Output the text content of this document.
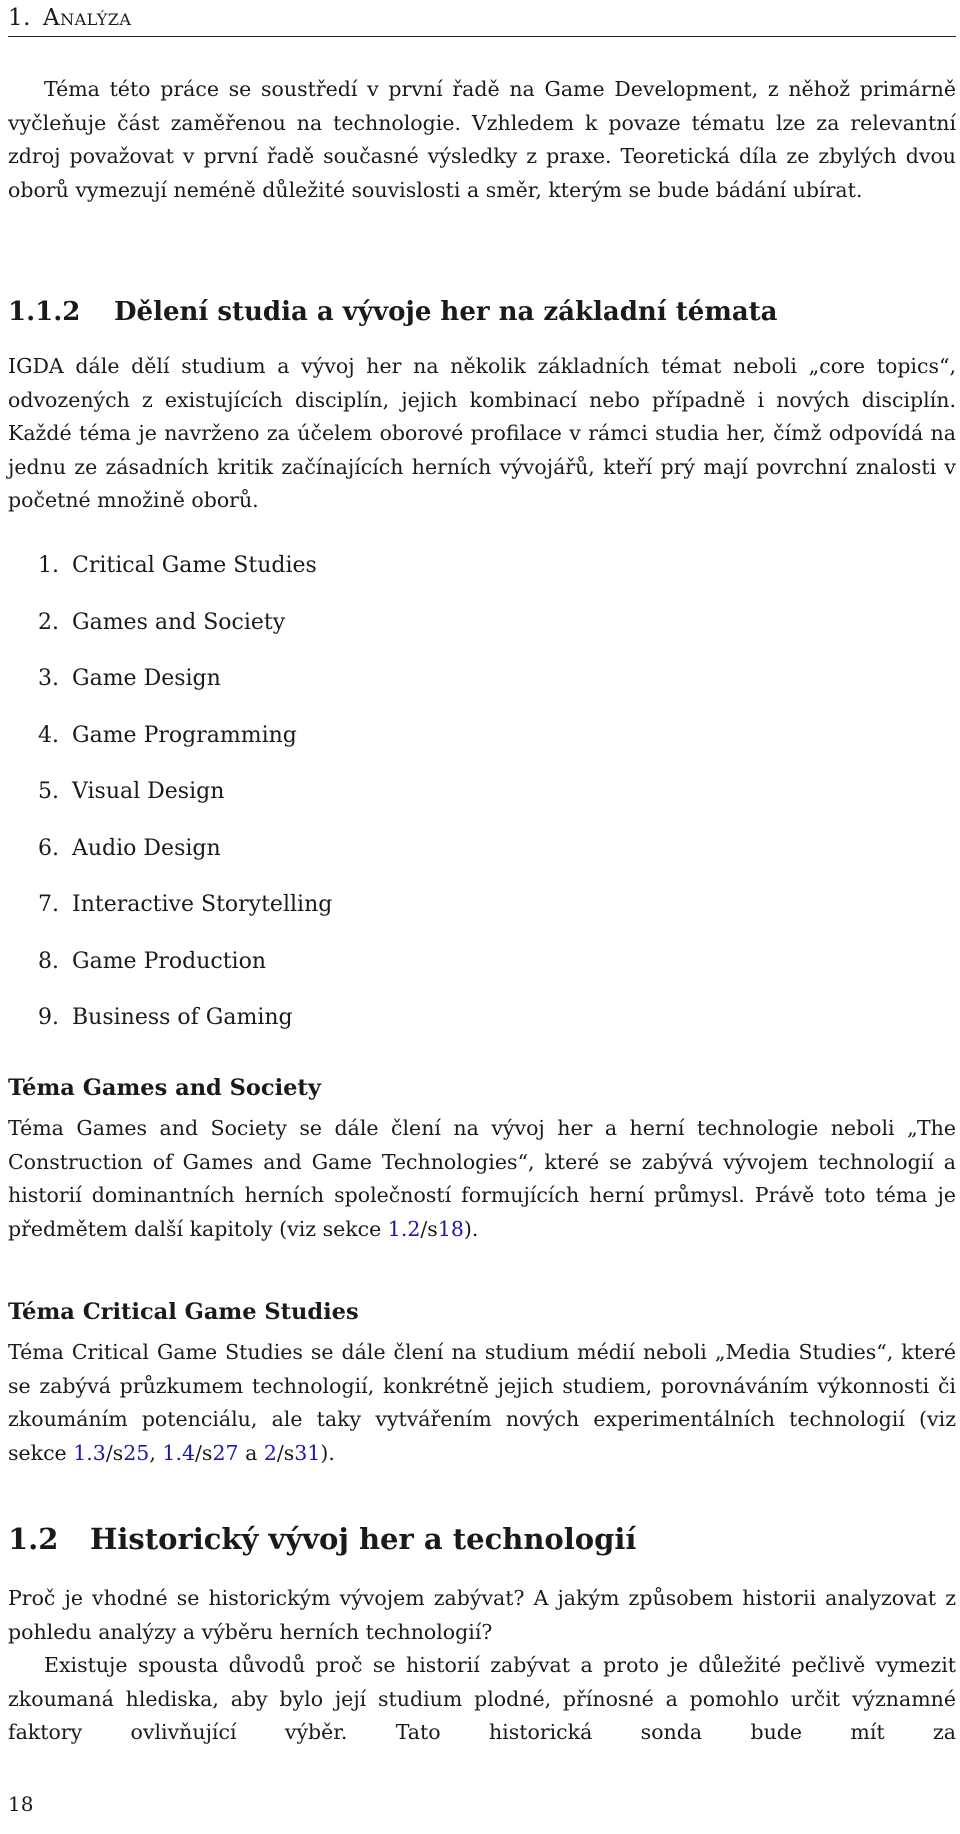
1. Analýza

Téma této práce se soustředí v první řadě na Game Development, z něhož primárně vyčleňuje část zaměřenou na technologie. Vzhledem k povaze tématu lze za relevantní zdroj považovat v první řadě současné výsledky z praxe. Teoretická díla ze zbylých dvou oborů vymezují neméně důležité souvislosti a směr, kterým se bude bádání ubírat.

1.1.2 Dělení studia a vývoje her na základní témata

IGDA dále dělí studium a vývoj her na několik základních témat neboli „core topics“, odvozených z existujících disciplín, jejich kombinací nebo případně i nových disciplín. Každé téma je navrženo za účelem oborové profilace v rámci studia her, čímž odpovídá na jednu ze zásadních kritik začínajících herních vývojářů, kteří prý mají povrchní znalosti v početné množině oborů.

1. Critical Game Studies
2. Games and Society
3. Game Design
4. Game Programming
5. Visual Design
6. Audio Design
7. Interactive Storytelling
8. Game Production
9. Business of Gaming
Téma Games and Society

Téma Games and Society se dále člení na vývoj her a herní technologie neboli „The Construction of Games and Game Technologies“, které se zabývá vývojem technologií a historií dominantních herních společností formujících herní průmysl. Právě toto téma je předmětem další kapitoly (viz sekce 1.2/s18).

Téma Critical Game Studies

Téma Critical Game Studies se dále člení na studium médií neboli „Media Studies“, které se zabývá průzkumem technologií, konkrétně jejich studiem, porovnáváním výkonnosti či zkoumáním potenciálu, ale taky vytvářením nových experimentálních technologií (viz sekce 1.3/s25, 1.4/s27 a 2/s31).

1.2 Historický vývoj her a technologií

Proč je vhodné se historickým vývojem zabývat? A jakým způsobem historii analyzovat z pohledu analýzy a výběru herních technologií?

Existuje spousta důvodů proč se historií zabývat a proto je důležité pečlivě vymezit zkoumaná hlediska, aby bylo její studium plodné, přínosné a pomohlo určit významné faktory ovlivňující výběr. Tato historická sonda bude mít za

18
